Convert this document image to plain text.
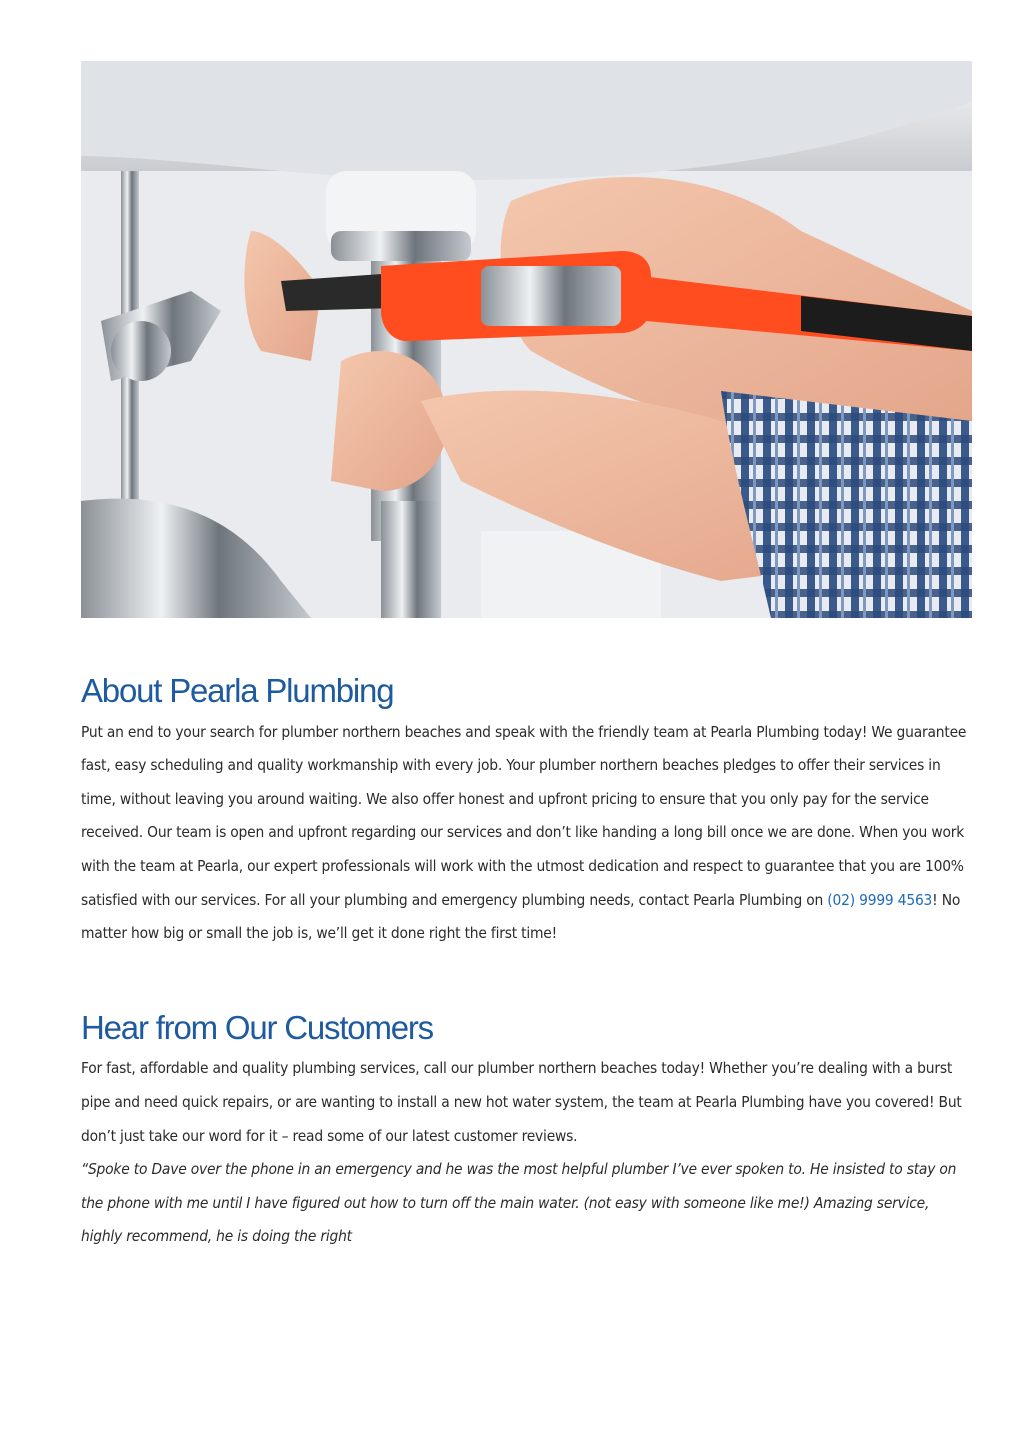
About Pearla Plumbing

Put an end to your search for plumber northern beaches and speak with the friendly team at Pearla Plumbing today! We guarantee fast, easy scheduling and quality workmanship with every job. Your plumber northern beaches pledges to offer their services in time, without leaving you around waiting. We also offer honest and upfront pricing to ensure that you only pay for the service received. Our team is open and upfront regarding our services and don’t like handing a long bill once we are done. When you work with the team at Pearla, our expert professionals will work with the utmost dedication and respect to guarantee that you are 100% satisfied with our services. For all your plumbing and emergency plumbing needs, contact Pearla Plumbing on (02) 9999 4563! No matter how big or small the job is, we’ll get it done right the first time!

Hear from Our Customers

For fast, affordable and quality plumbing services, call our plumber northern beaches today! Whether you’re dealing with a burst pipe and need quick repairs, or are wanting to install a new hot water system, the team at Pearla Plumbing have you covered! But don’t just take our word for it – read some of our latest customer reviews.

“Spoke to Dave over the phone in an emergency and he was the most helpful plumber I’ve ever spoken to. He insisted to stay on the phone with me until I have figured out how to turn off the main water. (not easy with someone like me!) Amazing service, highly recommend, he is doing the right
